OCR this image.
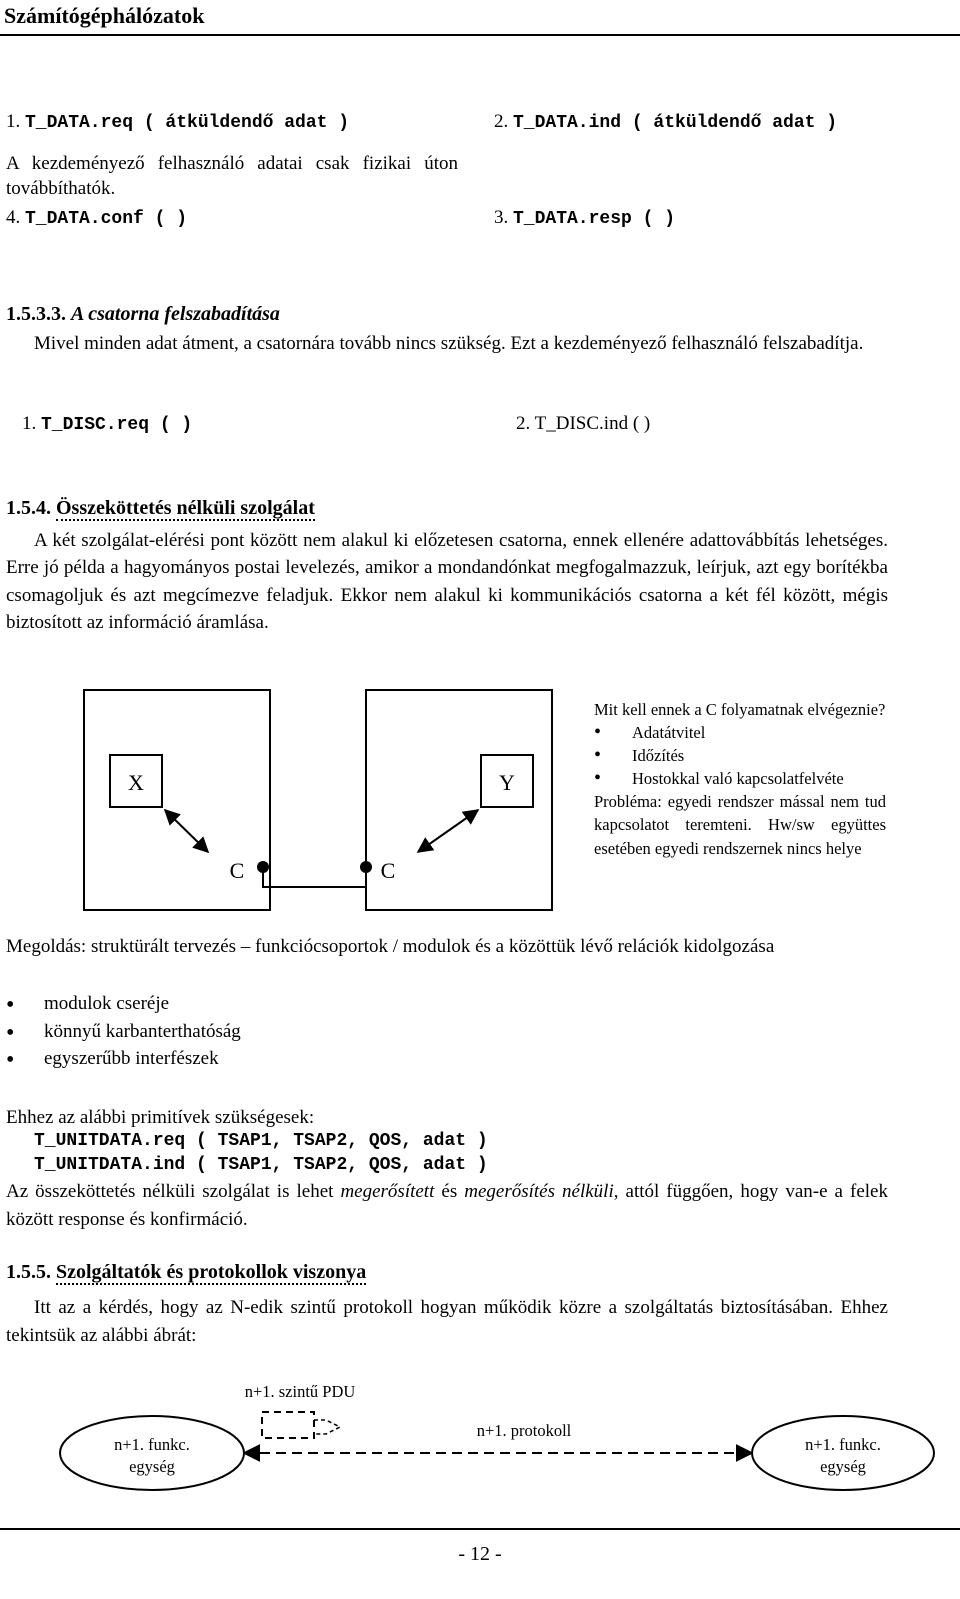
Számítógéphálózatok
1. T_DATA.req ( átküldendő adat )	2. T_DATA.ind ( átküldendő adat )
A kezdeményező felhasználó adatai csak fizikai úton továbbíthatók.
4. T_DATA.conf ( )	3. T_DATA.resp ( )
1.5.3.3. A csatorna felszabadítása
Mivel minden adat átment, a csatornára tovább nincs szükség. Ezt a kezdeményező felhasználó felszabadítja.
1. T_DISC.req ( )	2. T_DISC.ind ( )
1.5.4. Összeköttetés nélküli szolgálat
A két szolgálat-elérési pont között nem alakul ki előzetesen csatorna, ennek ellenére adattovábbítás lehetséges. Erre jó példa a hagyományos postai levelezés, amikor a mondandónkat megfogalmazzuk, leírjuk, azt egy borítékba csomagoljuk és azt megcímezve feladjuk. Ekkor nem alakul ki kommunikációs csatorna a két fél között, mégis biztosított az információ áramlása.
X	Y
C	C
Mit kell ennek a C folyamatnak elvégeznie?
• Adatátvitel
• Időzítés
• Hostokkal való kapcsolatfelvéte
Probléma: egyedi rendszer mással nem tud kapcsolatot teremteni. Hw/sw együttes esetében egyedi rendszernek nincs helye
Megoldás: struktürált tervezés – funkciócsoportok / modulok és a közöttük lévő relációk kidolgozása
• modulok cseréje
• könnyű karbanterthatóság
• egyszerűbb interfészek
Ehhez az alábbi primitívek szükségesek:
T_UNITDATA.req ( TSAP1, TSAP2, QOS, adat )
T_UNITDATA.ind ( TSAP1, TSAP2, QOS, adat )
Az összeköttetés nélküli szolgálat is lehet megerősített és megerősítés nélküli, attól függően, hogy van-e a felek között response és konfirmáció.
1.5.5. Szolgáltatók és protokollok viszonya
Itt az a kérdés, hogy az N-edik szintű protokoll hogyan működik közre a szolgáltatás biztosításában. Ehhez tekintsük az alábbi ábrát:
n+1. szintű PDU
n+1. protokoll
n+1. funkc.
egység
n+1. funkc.
egység
- 12 -
